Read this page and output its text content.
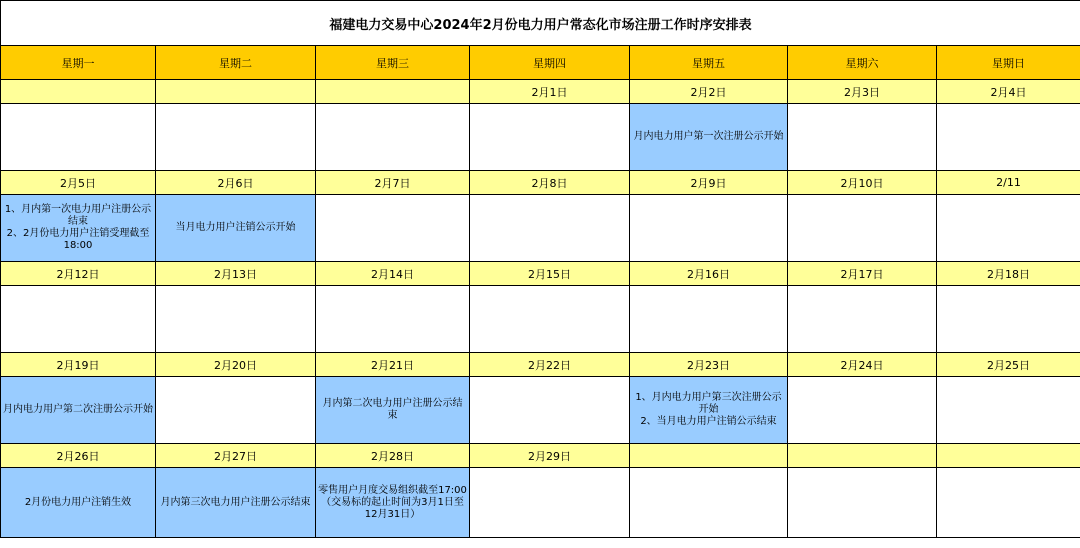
福建电力交易中心2024年2月份电力用户常态化市场注册工作时序安排表						
星期一	星期二	星期三	星期四	星期五	星期六	星期日
			2月1日	2月2日	2月3日	2月4日

				月内电力用户第一次注册公示开始		

2月5日	2月6日	2月7日	2月8日	2月9日	2月10日	2/11

1、月内第一次电力用户注册公示结束
2、2月份电力用户注销受理截至18:00	当月电力用户注销公示开始					

2月12日	2月13日	2月14日	2月15日	2月16日	2月17日	2月18日

2月19日	2月20日	2月21日	2月22日	2月23日	2月24日	2月25日

月内电力用户第二次注册公示开始		月内第二次电力用户注册公示结束		1、月内电力用户第三次注册公示开始
2、当月电力用户注销公示结束		

2月26日	2月27日	2月28日	2月29日			

2月份电力用户注销生效	月内第三次电力用户注册公示结束	零售用户月度交易组织截至17:00
（交易标的起止时间为3月1日至12月31日）				
